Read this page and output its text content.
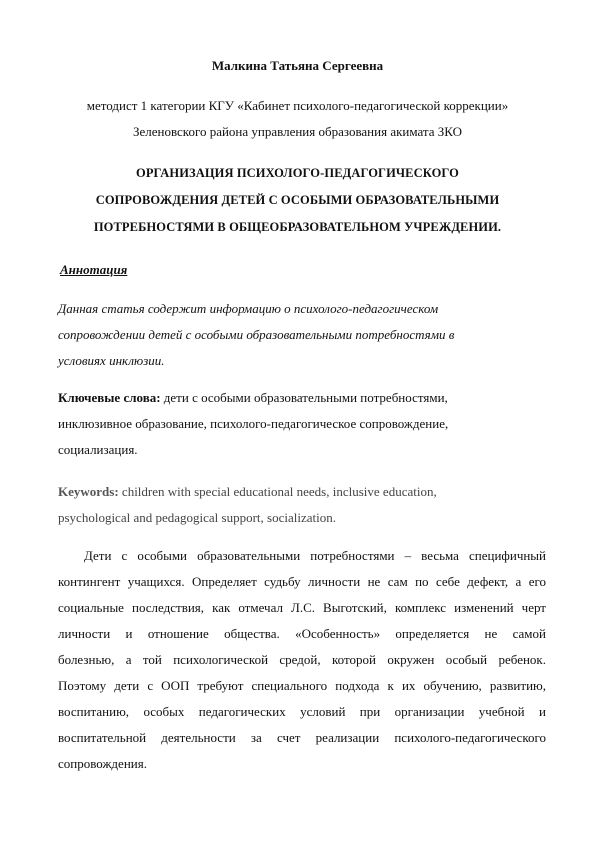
Малкина Татьяна Сергеевна
методист 1 категории КГУ «Кабинет психолого-педагогической коррекции»
Зеленовского района управления образования акимата ЗКО
ОРГАНИЗАЦИЯ ПСИХОЛОГО-ПЕДАГОГИЧЕСКОГО
СОПРОВОЖДЕНИЯ ДЕТЕЙ С ОСОБЫМИ ОБРАЗОВАТЕЛЬНЫМИ
ПОТРЕБНОСТЯМИ В ОБЩЕОБРАЗОВАТЕЛЬНОМ УЧРЕЖДЕНИИ.
Аннотация
Данная статья содержит информацию о психолого-педагогическом
сопровождении детей с особыми образовательными потребностями в
условиях инклюзии.
Ключевые слова: дети с особыми образовательными потребностями,
инклюзивное образование, психолого-педагогическое сопровождение,
социализация.
Keywords: children with special educational needs, inclusive education,
psychological and pedagogical support, socialization.
Дети с особыми образовательными потребностями – весьма специфичный
контингент учащихся. Определяет судьбу личности не сам по себе дефект, а его
социальные последствия, как отмечал Л.С. Выготский, комплекс изменений черт
личности и отношение общества. «Особенность» определяется не самой
болезнью, а той психологической средой, которой окружен особый ребенок.
Поэтому дети с ООП требуют специального подхода к их обучению, развитию,
воспитанию, особых педагогических условий при организации учебной и
воспитательной деятельности за счет реализации психолого-педагогического
сопровождения.
